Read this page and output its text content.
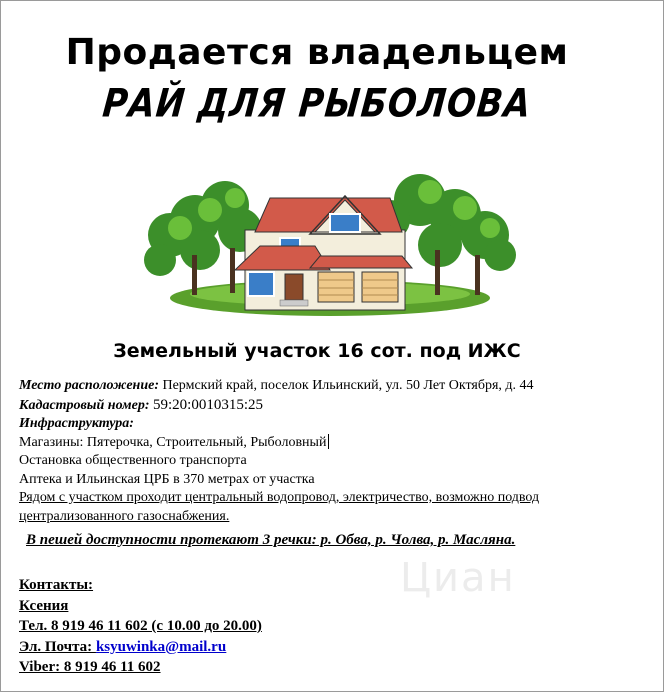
Продается владельцем
РАЙ ДЛЯ РЫБОЛОВА
Земельный участок 16 сот. под ИЖС
Место расположение: Пермский край, поселок Ильинский, ул. 50 Лет Октября, д. 44
Кадастровый номер: 59:20:0010315:25
Инфраструктура:
Магазины: Пятерочка, Строительный, Рыболовный
Остановка общественного транспорта
Аптека и Ильинская ЦРБ в 370 метрах от участка
Рядом с участком проходит центральный водопровод, электричество, возможно подвод
централизованного газоснабжения.
В пешей доступности протекают 3 речки: р. Обва, р. Чолва, р. Масляна.
Циан
Контакты:
Ксения
Тел. 8 919 46 11 602 (с 10.00 до 20.00)
Эл. Почта: ksyuwinka@mail.ru
Viber: 8 919 46 11 602
